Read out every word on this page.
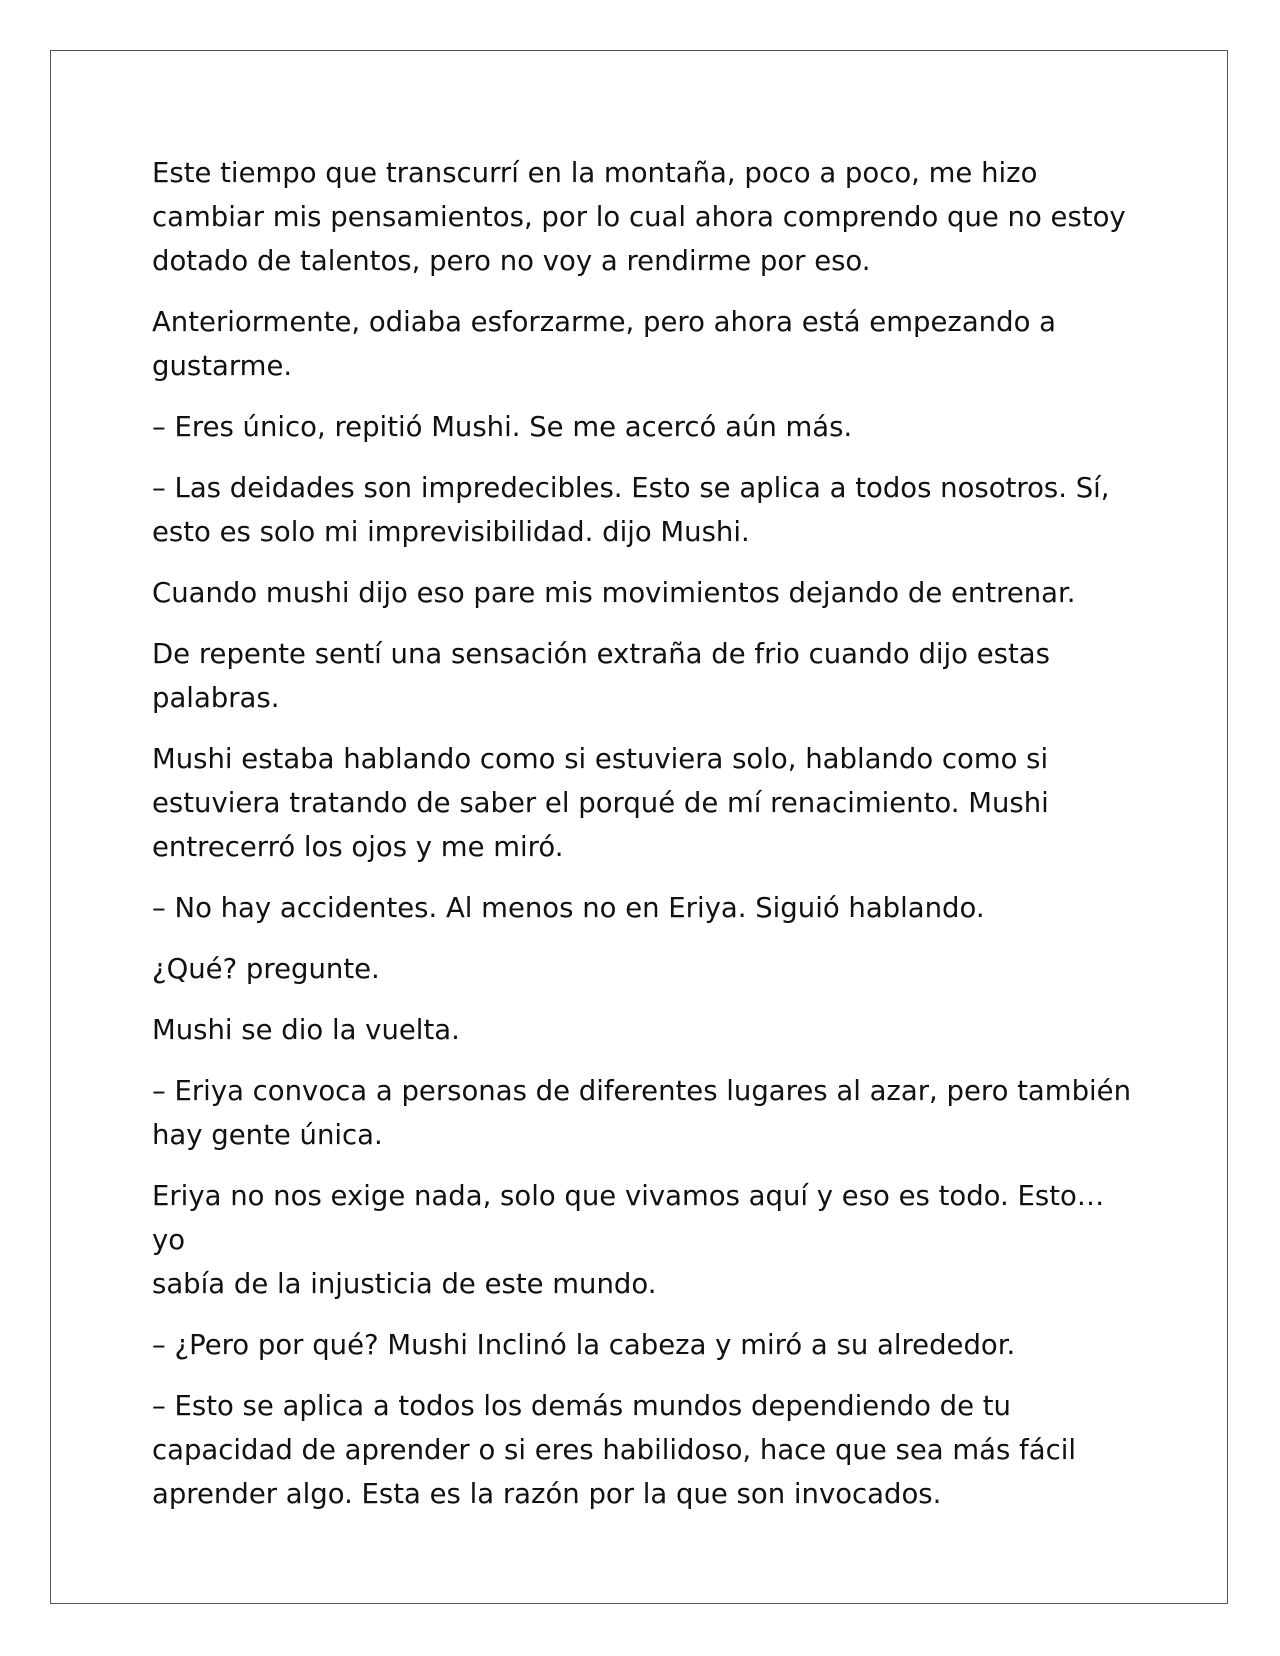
Este tiempo que transcurrí en la montaña, poco a poco, me hizo
cambiar mis pensamientos, por lo cual ahora comprendo que no estoy
dotado de talentos, pero no voy a rendirme por eso.

Anteriormente, odiaba esforzarme, pero ahora está empezando a
gustarme.

– Eres único, repitió Mushi. Se me acercó aún más.

– Las deidades son impredecibles. Esto se aplica a todos nosotros. Sí,
esto es solo mi imprevisibilidad. dijo Mushi.

Cuando mushi dijo eso pare mis movimientos dejando de entrenar.

De repente sentí una sensación extraña de frio cuando dijo estas
palabras.

Mushi estaba hablando como si estuviera solo, hablando como si
estuviera tratando de saber el porqué de mí renacimiento. Mushi
entrecerró los ojos y me miró.

– No hay accidentes. Al menos no en Eriya. Siguió hablando.

¿Qué? pregunte.

Mushi se dio la vuelta.

– Eriya convoca a personas de diferentes lugares al azar, pero también
hay gente única.

Eriya no nos exige nada, solo que vivamos aquí y eso es todo. Esto… yo
sabía de la injusticia de este mundo.

– ¿Pero por qué? Mushi Inclinó la cabeza y miró a su alrededor.

– Esto se aplica a todos los demás mundos dependiendo de tu
capacidad de aprender o si eres habilidoso, hace que sea más fácil
aprender algo. Esta es la razón por la que son invocados.
